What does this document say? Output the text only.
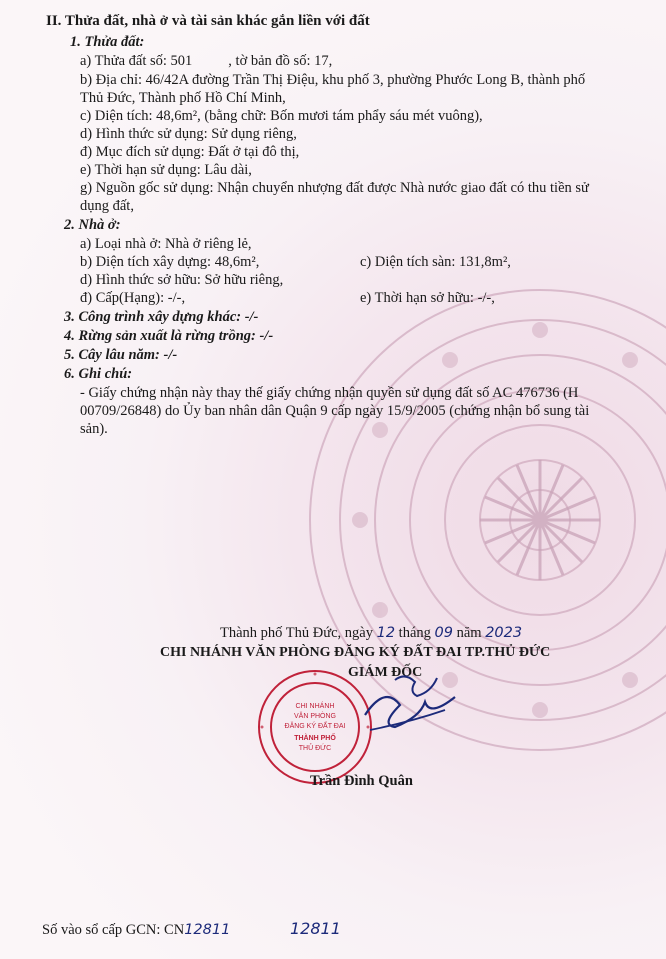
II. Thửa đất, nhà ở và tài sản khác gắn liền với đất
1. Thửa đất:
a) Thửa đất số: 501 , tờ bản đồ số: 17,
b) Địa chỉ: 46/42A đường Trần Thị Điệu, khu phố 3, phường Phước Long B, thành phố
Thủ Đức, Thành phố Hồ Chí Minh,
c) Diện tích: 48,6m², (bằng chữ: Bốn mươi tám phẩy sáu mét vuông),
d) Hình thức sử dụng: Sử dụng riêng,
đ) Mục đích sử dụng: Đất ở tại đô thị,
e) Thời hạn sử dụng: Lâu dài,
g) Nguồn gốc sử dụng: Nhận chuyển nhượng đất được Nhà nước giao đất có thu tiền sử
dụng đất,
2. Nhà ở:
a) Loại nhà ở: Nhà ở riêng lẻ,
b) Diện tích xây dựng: 48,6m²,	c) Diện tích sàn: 131,8m²,
d) Hình thức sở hữu: Sở hữu riêng,
đ) Cấp(Hạng): -/-,	e) Thời hạn sở hữu: -/-,
3. Công trình xây dựng khác: -/-
4. Rừng sản xuất là rừng trồng: -/-
5. Cây lâu năm: -/-
6. Ghi chú:
- Giấy chứng nhận này thay thế giấy chứng nhận quyền sử dụng đất số AC 476736 (H
00709/26848) do Ủy ban nhân dân Quận 9 cấp ngày 15/9/2005 (chứng nhận bổ sung tài
sản).
Thành phố Thủ Đức, ngày 12 tháng 09 năm 2023
CHI NHÁNH VĂN PHÒNG ĐĂNG KÝ ĐẤT ĐAI TP.THỦ ĐỨC
GIÁM ĐỐC
CHI NHÁNH
VĂN PHÒNG
ĐĂNG KÝ ĐẤT ĐAI
THÀNH PHỐ
THỦ ĐỨC
Trần Đình Quân
Số vào sổ cấp GCN: CN12811	12811
